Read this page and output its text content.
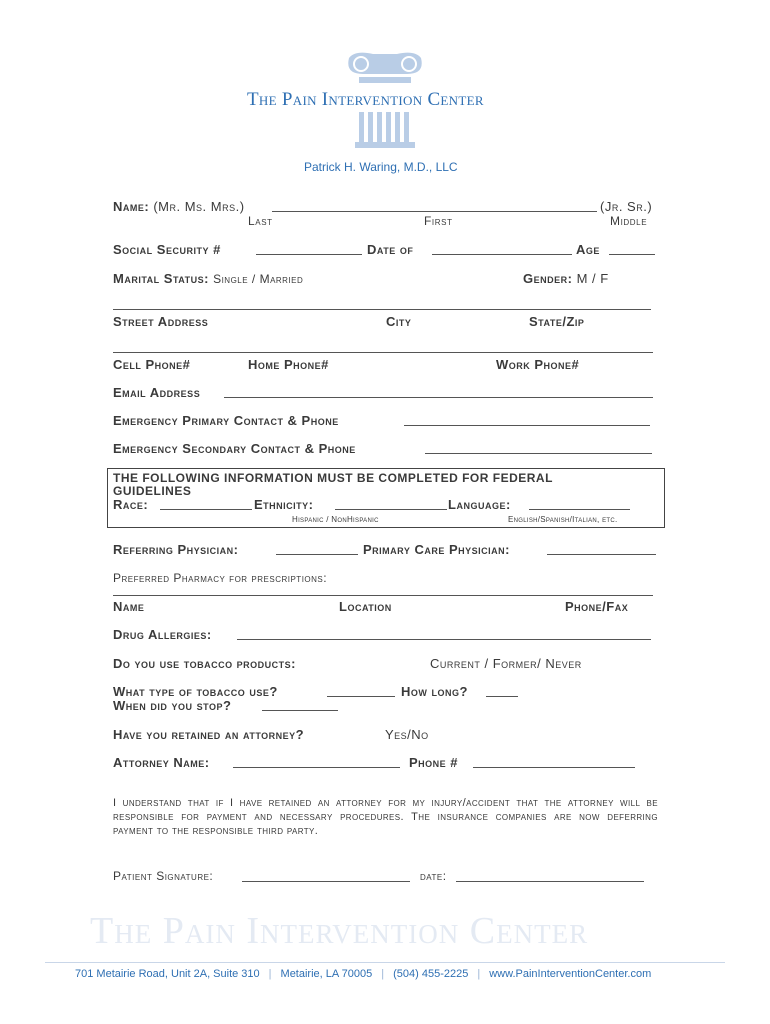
The Pain Intervention Center
Patrick H. Waring, M.D., LLC
Name: (Mr. Ms. Mrs.)	(Jr. Sr.)
Last	First	Middle
Social Security #	Date of	Age
Marital Status: Single / Married	Gender: M / F
Street Address	City	State/Zip
Cell Phone#	Home Phone#	Work Phone#
Email Address
Emergency Primary Contact & Phone
Emergency Secondary Contact & Phone
THE FOLLOWING INFORMATION MUST BE COMPLETED FOR FEDERAL
GUIDELINES
Race:	Ethnicity:	Language:
Hispanic / NonHispanic	English/Spanish/Italian, etc.
Referring Physician:	Primary Care Physician:
Preferred Pharmacy for prescriptions:
Name	Location	Phone/Fax
Drug Allergies:
Do you use tobacco products:	Current / Former/ Never
What type of tobacco use?	How long?
When did you stop?
Have you retained an attorney?	Yes/No
Attorney Name:	Phone #
I understand that if I have retained an attorney for my injury/accident that the attorney will be responsible for payment and necessary procedures. The insurance companies are now deferring payment to the responsible third party.
Patient Signature:	date:
The Pain Intervention Center
701 Metairie Road, Unit 2A, Suite 310 | Metairie, LA 70005 | (504) 455-2225 | www.PainInterventionCenter.com
